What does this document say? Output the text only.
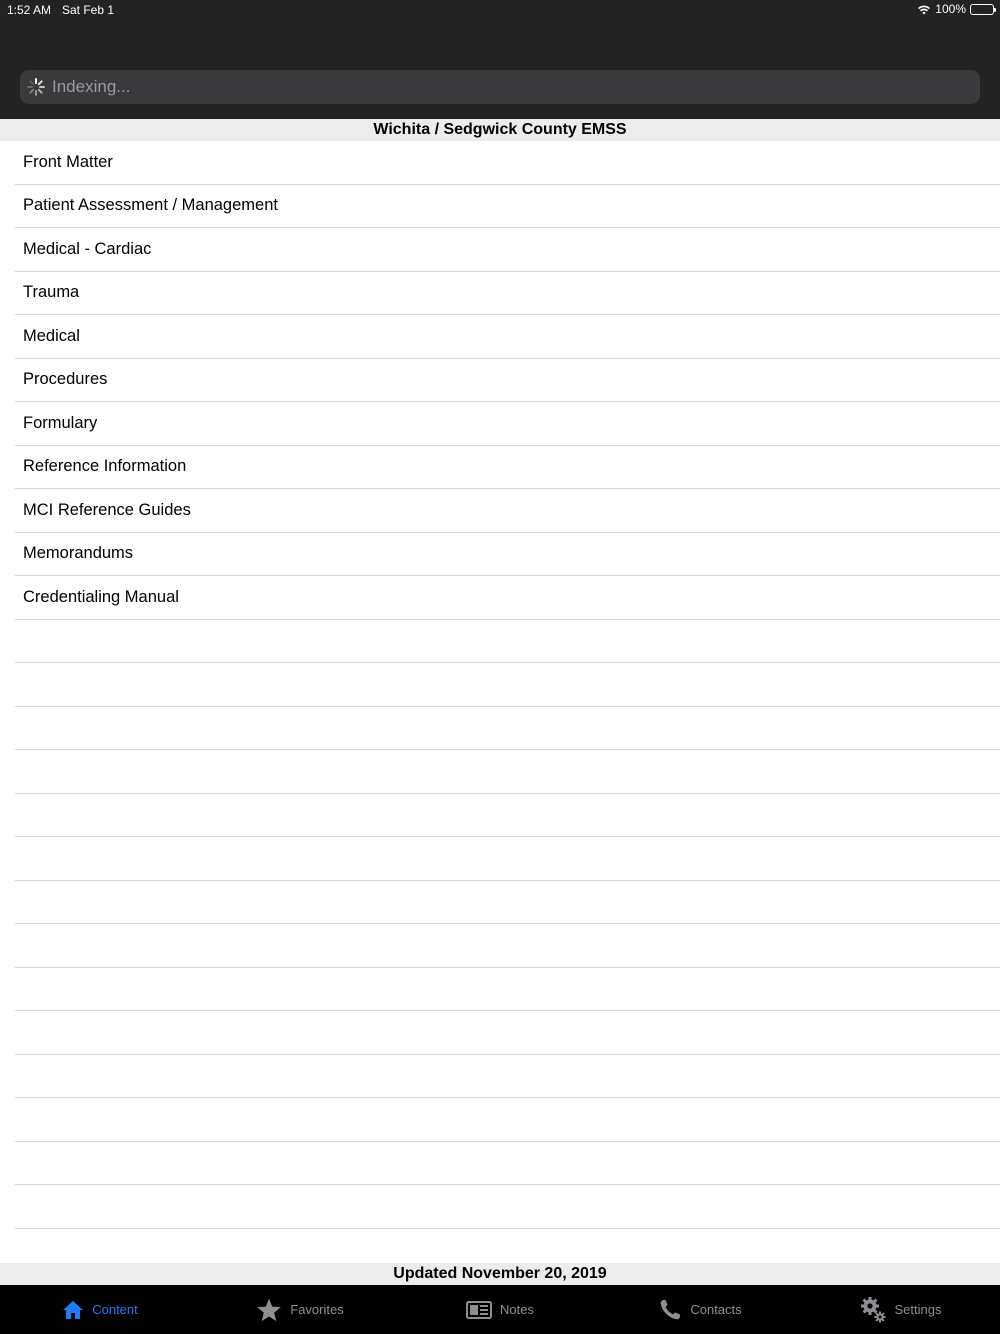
1:52 AM Sat Feb 1	100%
Indexing...
Wichita / Sedgwick County EMSS
Front Matter
Patient Assessment / Management
Medical - Cardiac
Trauma
Medical
Procedures
Formulary
Reference Information
MCI Reference Guides
Memorandums
Credentialing Manual
Updated November 20, 2019
Content	Favorites	Notes	Contacts	Settings
